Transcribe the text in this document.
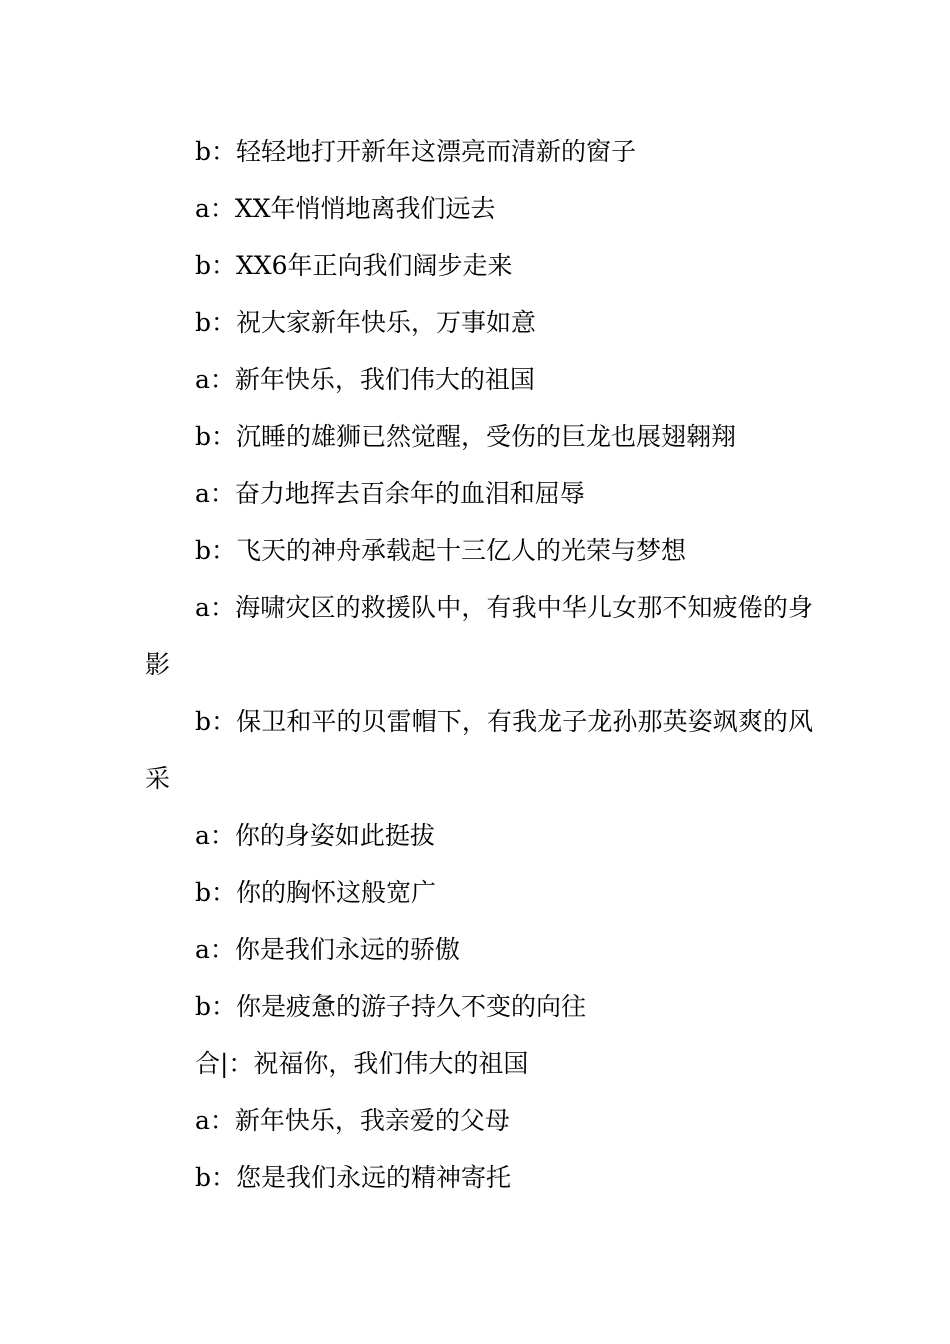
b：轻轻地打开新年这漂亮而清新的窗子

a：XX年悄悄地离我们远去

b：XX6年正向我们阔步走来

b：祝大家新年快乐，万事如意

a：新年快乐，我们伟大的祖国

b：沉睡的雄狮已然觉醒，受伤的巨龙也展翅翱翔

a：奋力地挥去百余年的血泪和屈辱

b：飞天的神舟承载起十三亿人的光荣与梦想

a：海啸灾区的救援队中，有我中华儿女那不知疲倦的身影

b：保卫和平的贝雷帽下，有我龙子龙孙那英姿飒爽的风采

a：你的身姿如此挺拔

b：你的胸怀这般宽广

a：你是我们永远的骄傲

b：你是疲惫的游子持久不变的向往

合|：祝福你，我们伟大的祖国

a：新年快乐，我亲爱的父母

b：您是我们永远的精神寄托
